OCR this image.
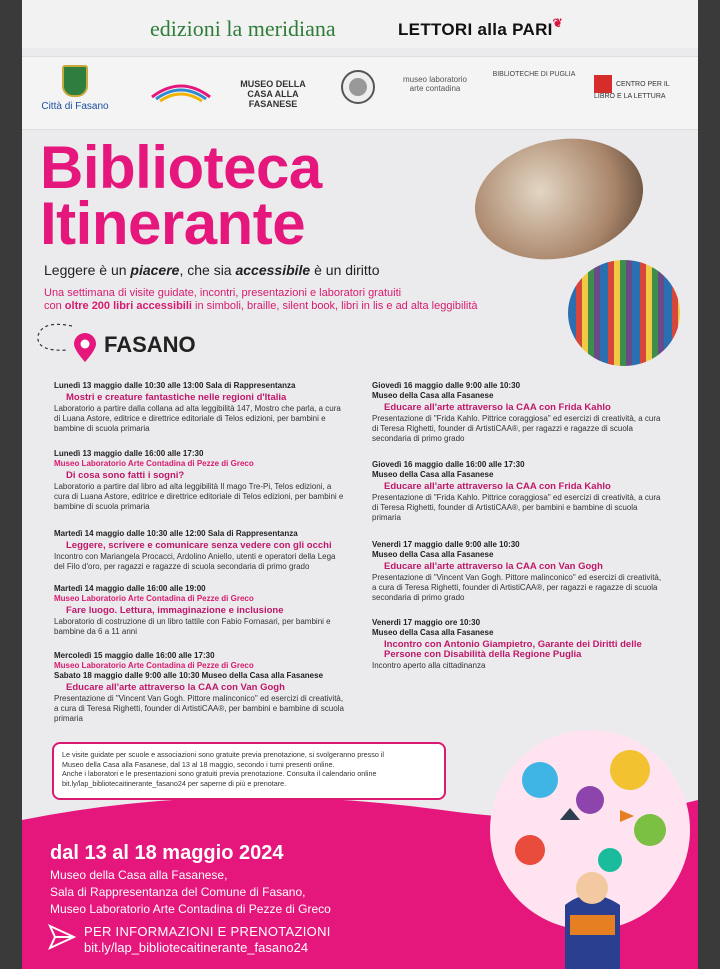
edizioni la meridiana	LETTORI alla PARI❦
Città di Fasano
MUSEO DELLA CASA ALLA FASANESE
museo laboratorio arte contadina
BIBLIOTECHE DI PUGLIA
CENTRO PER IL LIBRO E LA LETTURA
Biblioteca
Itinerante
Leggere è un piacere, che sia accessibile è un diritto
Una settimana di visite guidate, incontri, presentazioni e laboratori gratuiti
con oltre 200 libri accessibili in simboli, braille, silent book, libri in lis e ad alta leggibilità
FASANO
Lunedì 13 maggio dalle 10:30 alle 13:00 Sala di Rappresentanza
Mostri e creature fantastiche nelle regioni d'Italia
Laboratorio a partire dalla collana ad alta leggibilità 147, Mostro che parla, a cura di Luana Astore, editrice e direttrice editoriale di Telos edizioni, per bambini e bambine di scuola primaria
Lunedì 13 maggio dalle 16:00 alle 17:30
Museo Laboratorio Arte Contadina di Pezze di Greco
Di cosa sono fatti i sogni?
Laboratorio a partire dal libro ad alta leggibilità Il mago Tre-Pi, Telos edizioni, a cura di Luana Astore, editrice e direttrice editoriale di Telos edizioni, per bambini e bambine di scuola primaria
Martedì 14 maggio dalle 10:30 alle 12:00 Sala di Rappresentanza
Leggere, scrivere e comunicare senza vedere con gli occhi
Incontro con Mariangela Procacci, Ardolino Aniello, utenti e operatori della Lega del Filo d'oro, per ragazzi e ragazze di scuola secondaria di primo grado
Martedì 14 maggio dalle 16:00 alle 19:00
Museo Laboratorio Arte Contadina di Pezze di Greco
Fare luogo. Lettura, immaginazione e inclusione
Laboratorio di costruzione di un libro tattile con Fabio Fornasari, per bambini e bambine da 6 a 11 anni
Mercoledì 15 maggio dalle 16:00 alle 17:30
Museo Laboratorio Arte Contadina di Pezze di Greco
Sabato 18 maggio dalle 9:00 alle 10:30 Museo della Casa alla Fasanese
Educare all'arte attraverso la CAA con Van Gogh
Presentazione di "Vincent Van Gogh. Pittore malinconico" ed esercizi di creatività, a cura di Teresa Righetti, founder di ArtistiCAA®, per bambini e bambine di scuola primaria
Giovedì 16 maggio dalle 9:00 alle 10:30
Museo della Casa alla Fasanese
Educare all'arte attraverso la CAA con Frida Kahlo
Presentazione di "Frida Kahlo. Pittrice coraggiosa" ed esercizi di creatività, a cura di Teresa Righetti, founder di ArtistiCAA®, per ragazzi e ragazze di scuola secondaria di primo grado
Giovedì 16 maggio dalle 16:00 alle 17:30
Museo della Casa alla Fasanese
Educare all'arte attraverso la CAA con Frida Kahlo
Presentazione di "Frida Kahlo. Pittrice coraggiosa" ed esercizi di creatività, a cura di Teresa Righetti, founder di ArtistiCAA®, per bambini e bambine di scuola primaria
Venerdì 17 maggio dalle 9:00 alle 10:30
Museo della Casa alla Fasanese
Educare all'arte attraverso la CAA con Van Gogh
Presentazione di "Vincent Van Gogh. Pittore malinconico" ed esercizi di creatività, a cura di Teresa Righetti, founder di ArtistiCAA®, per ragazzi e ragazze di scuola secondaria di primo grado
Venerdì 17 maggio ore 10:30
Museo della Casa alla Fasanese
Incontro con Antonio Giampietro, Garante dei Diritti delle Persone con Disabilità della Regione Puglia
Incontro aperto alla cittadinanza
Le visite guidate per scuole e associazioni sono gratuite previa prenotazione, si svolgeranno presso il
Museo della Casa alla Fasanese, dal 13 al 18 maggio, secondo i turni presenti online.
Anche i laboratori e le presentazioni sono gratuiti previa prenotazione. Consulta il calendario online
bit.ly/lap_bibliotecaitinerante_fasano24 per saperne di più e prenotare.
dal 13 al 18 maggio 2024
Museo della Casa alla Fasanese,
Sala di Rappresentanza del Comune di Fasano,
Museo Laboratorio Arte Contadina di Pezze di Greco
PER INFORMAZIONI E PRENOTAZIONI
bit.ly/lap_bibliotecaitinerante_fasano24
